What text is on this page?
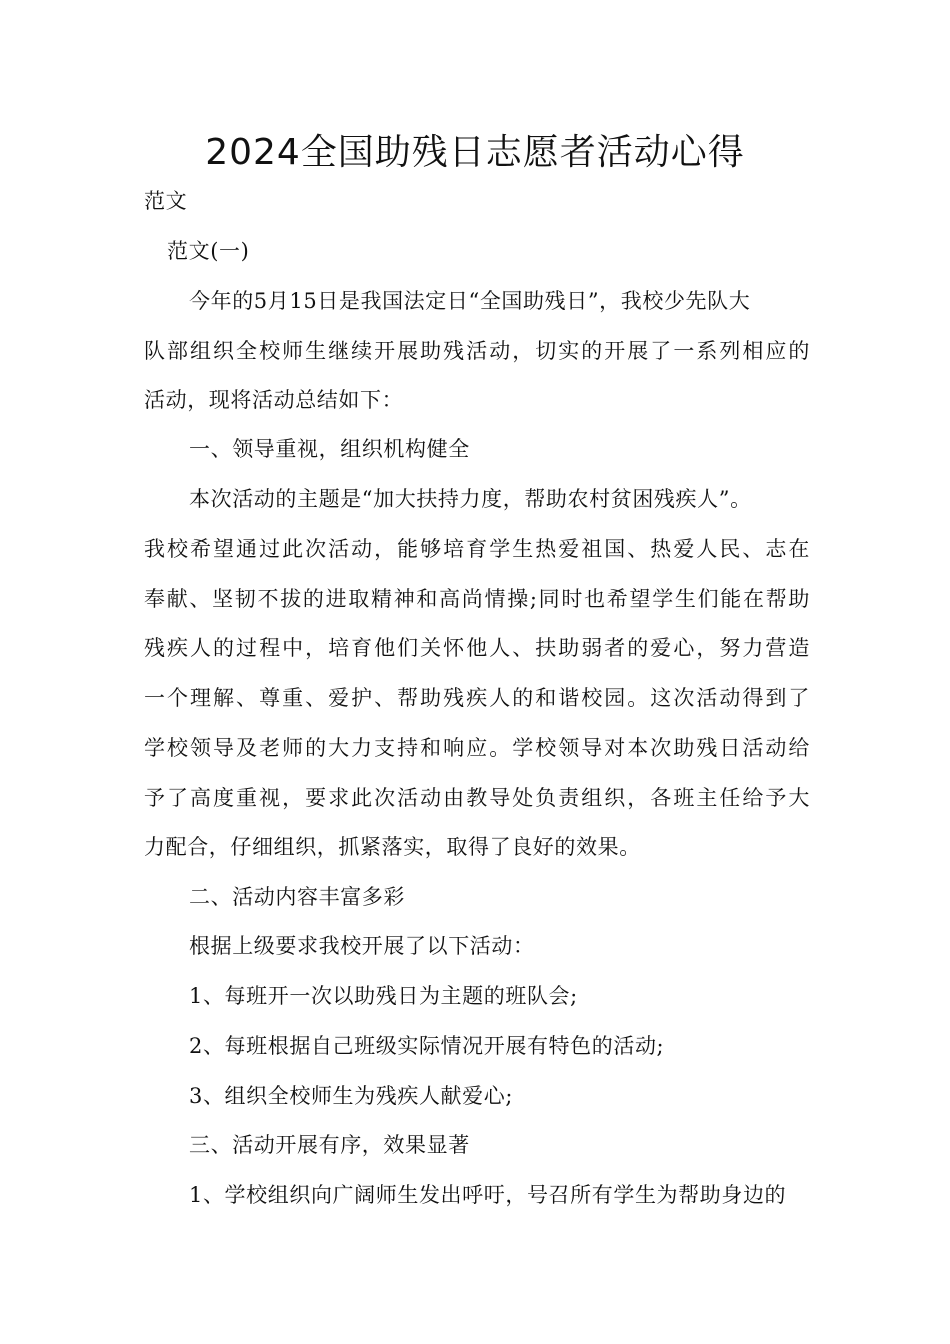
2024全国助残日志愿者活动心得

范文

范文(一)

今年的5月15日是我国法定日“全国助残日”，我校少先队大

队部组织全校师生继续开展助残活动，切实的开展了一系列相应的

活动，现将活动总结如下：

一、领导重视，组织机构健全

本次活动的主题是“加大扶持力度，帮助农村贫困残疾人”。

我校希望通过此次活动，能够培育学生热爱祖国、热爱人民、志在

奉献、坚韧不拔的进取精神和高尚情操;同时也希望学生们能在帮助

残疾人的过程中，培育他们关怀他人、扶助弱者的爱心，努力营造

一个理解、尊重、爱护、帮助残疾人的和谐校园。这次活动得到了

学校领导及老师的大力支持和响应。学校领导对本次助残日活动给

予了高度重视，要求此次活动由教导处负责组织，各班主任给予大

力配合，仔细组织，抓紧落实，取得了良好的效果。

二、活动内容丰富多彩

根据上级要求我校开展了以下活动：

1、每班开一次以助残日为主题的班队会;

2、每班根据自己班级实际情况开展有特色的活动;

3、组织全校师生为残疾人献爱心;

三、活动开展有序，效果显著

1、学校组织向广阔师生发出呼吁，号召所有学生为帮助身边的
